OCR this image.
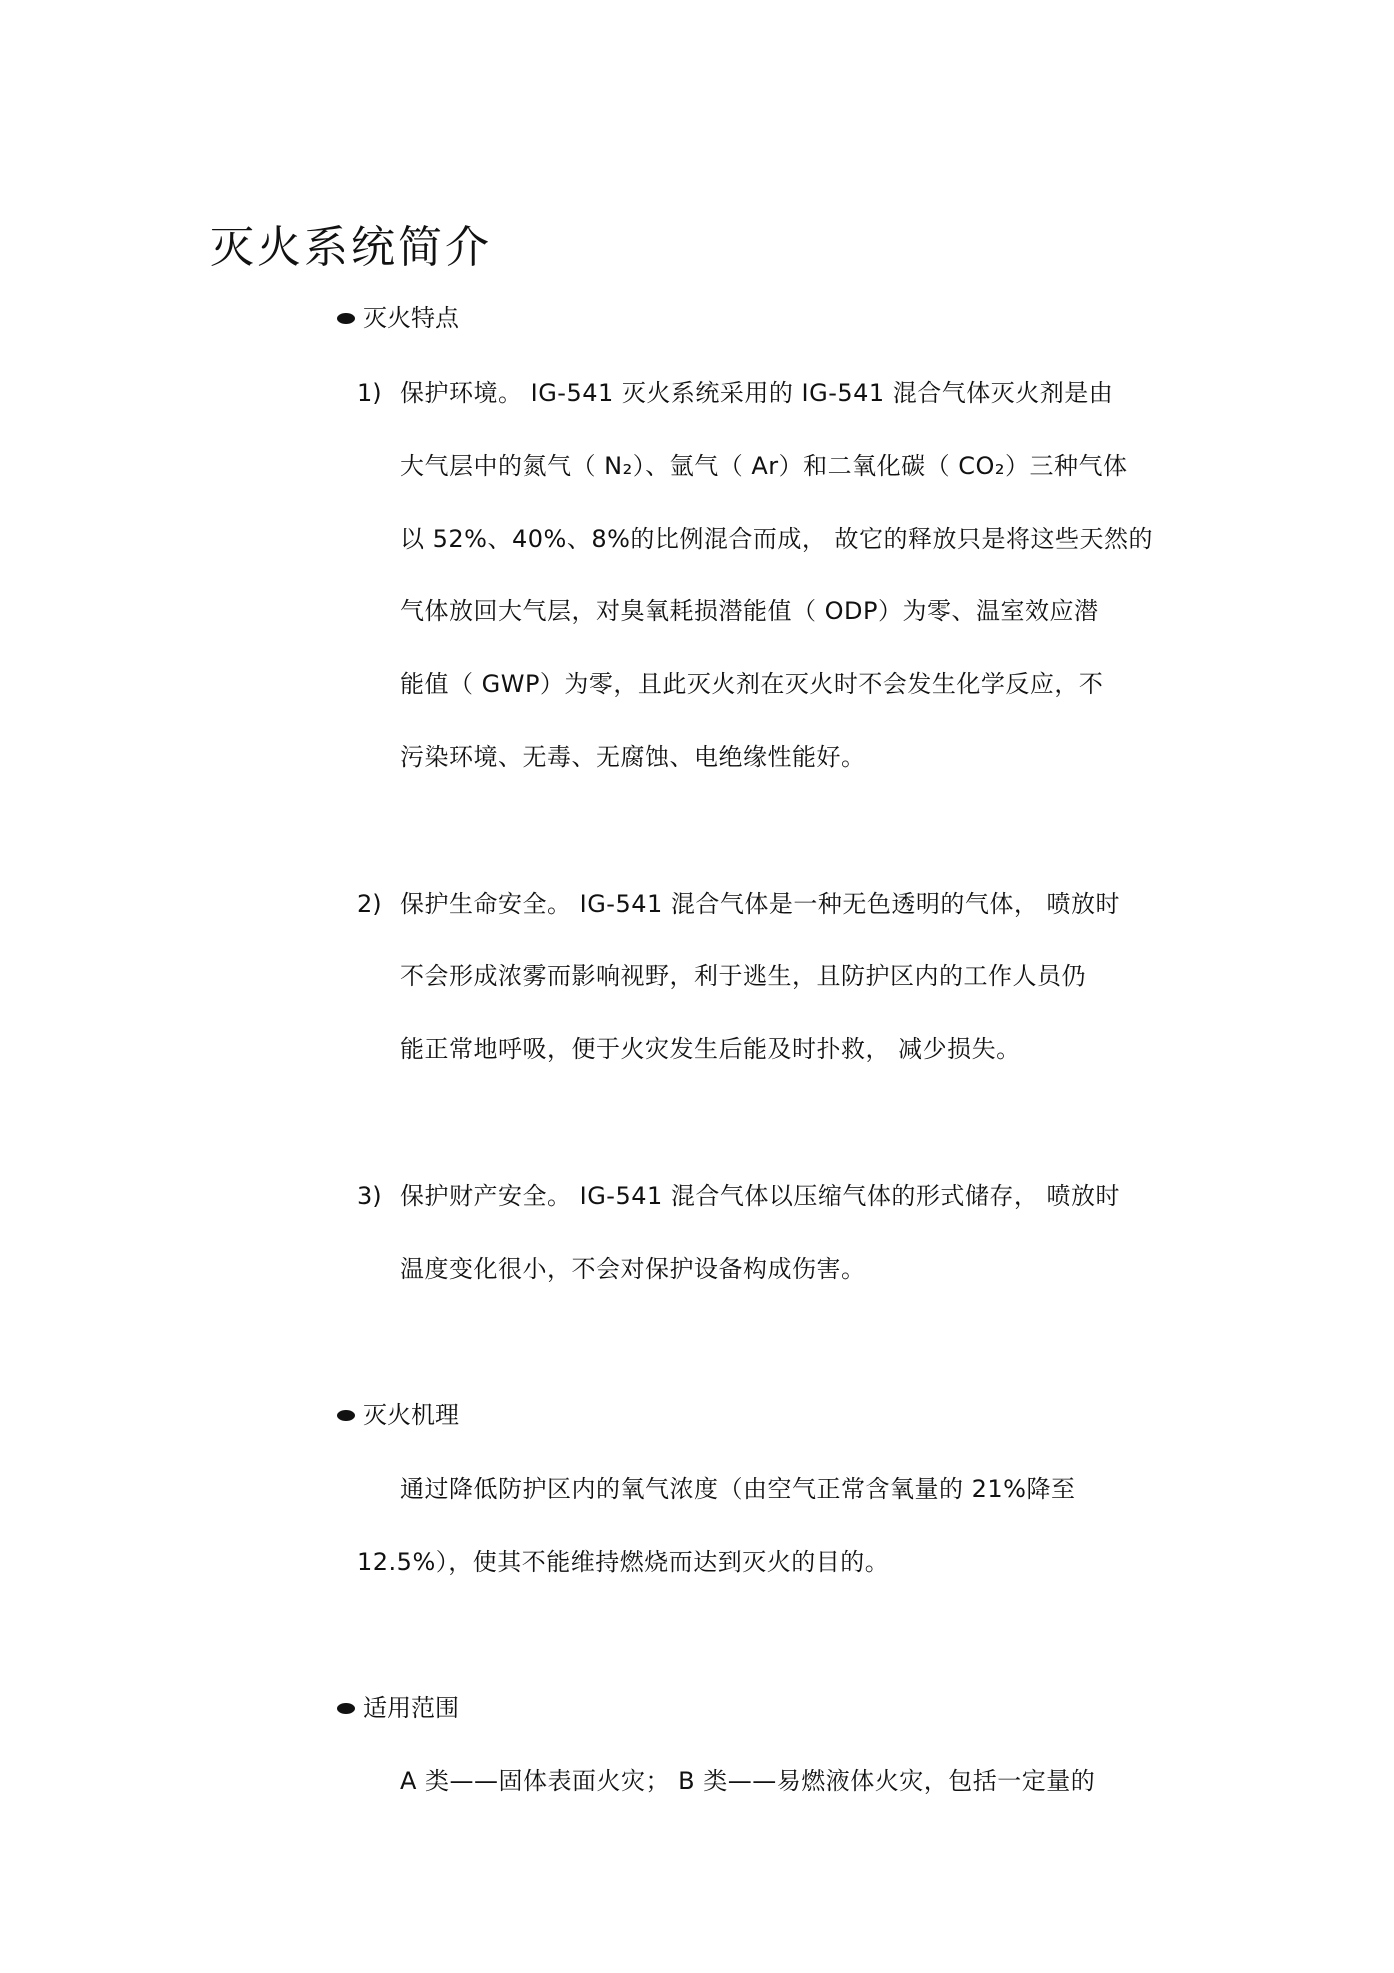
灭火系统简介
灭火特点
1) 保护环境。 IG-541 灭火系统采用的 IG-541 混合气体灭火剂是由
大气层中的氮气（ N₂）、氩气（ Ar）和二氧化碳（ CO₂）三种气体
以 52%、40%、8%的比例混合而成， 故它的释放只是将这些天然的
气体放回大气层，对臭氧耗损潜能值（ ODP）为零、温室效应潜
能值（ GWP）为零，且此灭火剂在灭火时不会发生化学反应，不
污染环境、无毒、无腐蚀、电绝缘性能好。
2) 保护生命安全。 IG-541 混合气体是一种无色透明的气体， 喷放时
不会形成浓雾而影响视野，利于逃生，且防护区内的工作人员仍
能正常地呼吸，便于火灾发生后能及时扑救， 减少损失。
3) 保护财产安全。 IG-541 混合气体以压缩气体的形式储存， 喷放时
温度变化很小，不会对保护设备构成伤害。
灭火机理
通过降低防护区内的氧气浓度（由空气正常含氧量的 21%降至
12.5%），使其不能维持燃烧而达到灭火的目的。
适用范围
A 类——固体表面火灾； B 类——易燃液体火灾，包括一定量的
